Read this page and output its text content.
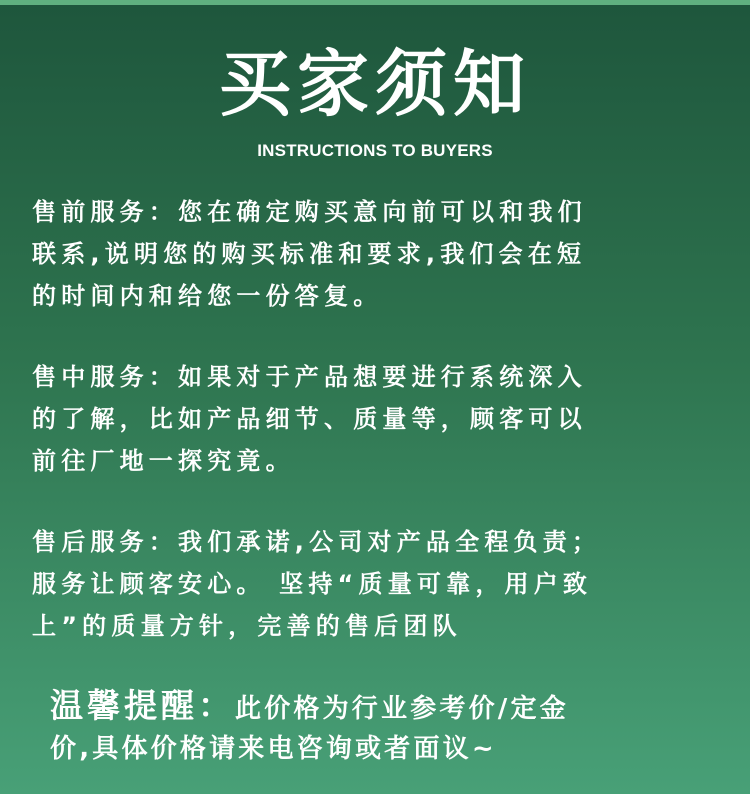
买家须知
INSTRUCTIONS TO BUYERS
售前服务：您在确定购买意向前可以和我们
联系,说明您的购买标准和要求,我们会在短
的时间内和给您一份答复。
售中服务：如果对于产品想要进行系统深入
的了解，比如产品细节、质量等，顾客可以
前往厂地一探究竟。
售后服务：我们承诺,公司对产品全程负责；
服务让顾客安心。 坚持“质量可靠，用户致
上”的质量方针，完善的售后团队
温馨提醒：此价格为行业参考价/定金
价,具体价格请来电咨询或者面议~
